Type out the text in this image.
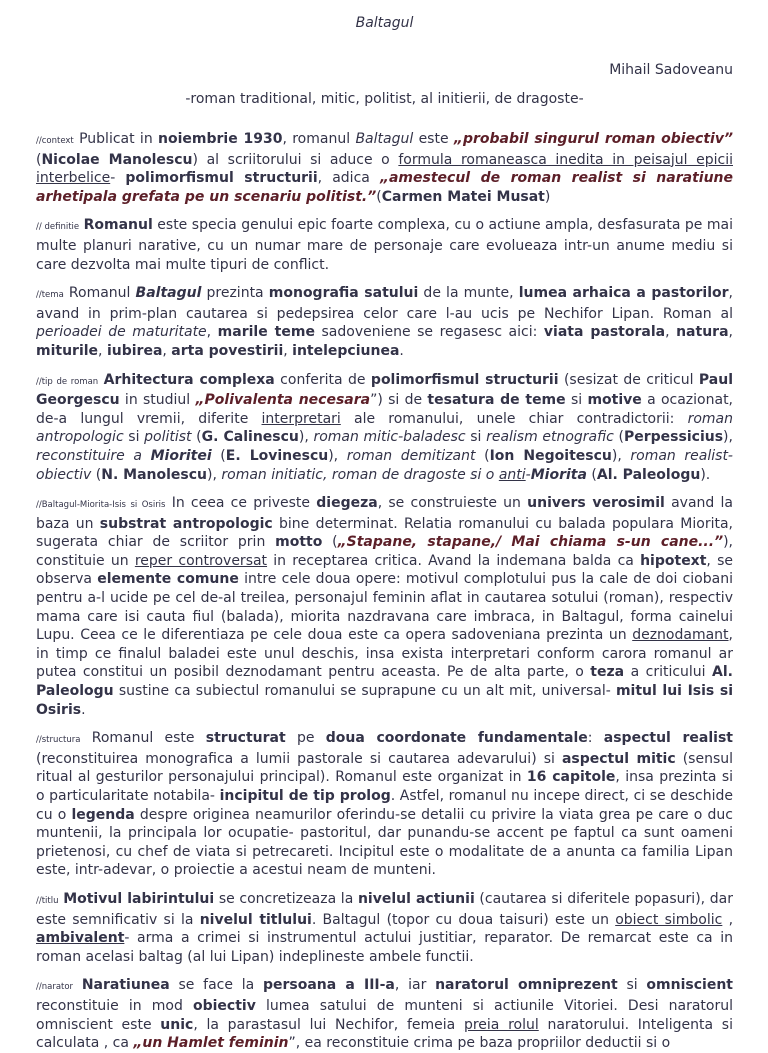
Baltagul
Mihail Sadoveanu
-roman traditional, mitic, politist, al initierii, de dragoste-

//context Publicat in noiembrie 1930, romanul Baltagul este „probabil singurul roman obiectiv” (Nicolae Manolescu) al scriitorului si aduce o formula romaneasca inedita in peisajul epicii interbelice- polimorfismul structurii, adica „amestecul de roman realist si naratiune arhetipala grefata pe un scenariu politist.”(Carmen Matei Musat)

// definitie Romanul este specia genului epic foarte complexa, cu o actiune ampla, desfasurata pe mai multe planuri narative, cu un numar mare de personaje care evolueaza intr-un anume mediu si care dezvolta mai multe tipuri de conflict.

//tema Romanul Baltagul prezinta monografia satului de la munte, lumea arhaica a pastorilor, avand in prim-plan cautarea si pedepsirea celor care l-au ucis pe Nechifor Lipan. Roman al perioadei de maturitate, marile teme sadoveniene se regasesc aici: viata pastorala, natura, miturile, iubirea, arta povestirii, intelepciunea.

//tip de roman Arhitectura complexa conferita de polimorfismul structurii (sesizat de criticul Paul Georgescu in studiul „Polivalenta necesara”) si de tesatura de teme si motive a ocazionat, de-a lungul vremii, diferite interpretari ale romanului, unele chiar contradictorii: roman antropologic si politist (G. Calinescu), roman mitic-baladesc si realism etnografic (Perpessicius), reconstituire a Mioritei (E. Lovinescu), roman demitizant (Ion Negoitescu), roman realist-obiectiv (N. Manolescu), roman initiatic, roman de dragoste si o anti-Miorita (Al. Paleologu).

//Baltagul-Miorita-Isis si Osiris In ceea ce priveste diegeza, se construieste un univers verosimil avand la baza un substrat antropologic bine determinat. Relatia romanului cu balada populara Miorita, sugerata chiar de scriitor prin motto („Stapane, stapane,/ Mai chiama s-un cane...”), constituie un reper controversat in receptarea critica. Avand la indemana balda ca hipotext, se observa elemente comune intre cele doua opere: motivul complotului pus la cale de doi ciobani pentru a-l ucide pe cel de-al treilea, personajul feminin aflat in cautarea sotului (roman), respectiv mama care isi cauta fiul (balada), miorita nazdravana care imbraca, in Baltagul, forma cainelui Lupu. Ceea ce le diferentiaza pe cele doua este ca opera sadoveniana prezinta un deznodamant, in timp ce finalul baladei este unul deschis, insa exista interpretari conform carora romanul ar putea constitui un posibil deznodamant pentru aceasta. Pe de alta parte, o teza a criticului Al. Paleologu sustine ca subiectul romanului se suprapune cu un alt mit, universal- mitul lui Isis si Osiris.

//structura Romanul este structurat pe doua coordonate fundamentale: aspectul realist (reconstituirea monografica a lumii pastorale si cautarea adevarului) si aspectul mitic (sensul ritual al gesturilor personajului principal). Romanul este organizat in 16 capitole, insa prezinta si o particularitate notabila- incipitul de tip prolog. Astfel, romanul nu incepe direct, ci se deschide cu o legenda despre originea neamurilor oferindu-se detalii cu privire la viata grea pe care o duc muntenii, la principala lor ocupatie- pastoritul, dar punandu-se accent pe faptul ca sunt oameni prietenosi, cu chef de viata si petrecareti. Incipitul este o modalitate de a anunta ca familia Lipan este, intr-adevar, o proiectie a acestui neam de munteni.

//titlu Motivul labirintului se concretizeaza la nivelul actiunii (cautarea si diferitele popasuri), dar este semnificativ si la nivelul titlului. Baltagul (topor cu doua taisuri) este un obiect simbolic , ambivalent- arma a crimei si instrumentul actului justitiar, reparator. De remarcat este ca in roman acelasi baltag (al lui Lipan) indeplineste ambele functii.

//narator Naratiunea se face la persoana a III-a, iar naratorul omniprezent si omniscient reconstituie in mod obiectiv lumea satului de munteni si actiunile Vitoriei. Desi naratorul omniscient este unic, la parastasul lui Nechifor, femeia preia rolul naratorului. Inteligenta si calculata , ca „un Hamlet feminin”, ea reconstituie crima pe baza propriilor deductii si o
